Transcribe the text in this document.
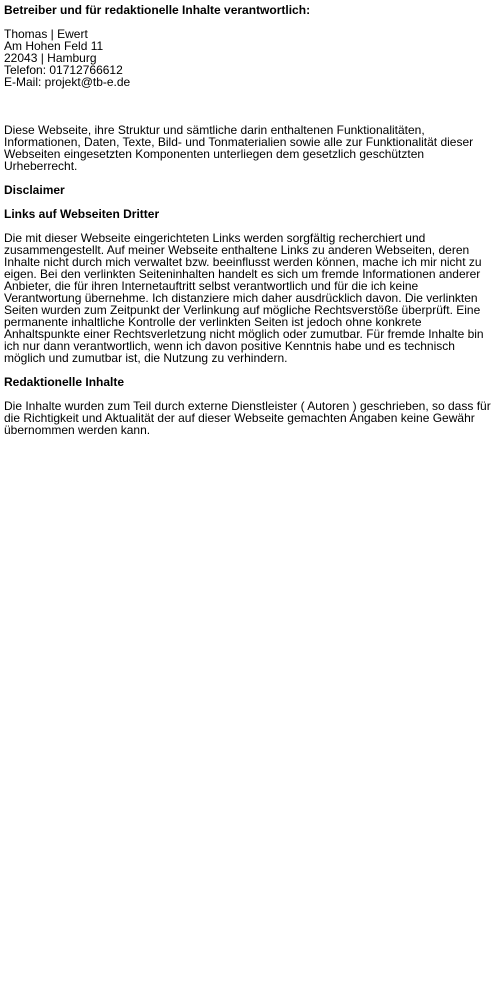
Betreiber und für redaktionelle Inhalte verantwortlich:
Thomas | Ewert
Am Hohen Feld 11
22043 | Hamburg
Telefon: 01712766612
E-Mail: projekt@tb-e.de

Diese Webseite, ihre Struktur und sämtliche darin enthaltenen Funktionalitäten, Informationen, Daten, Texte, Bild- und Tonmaterialien sowie alle zur Funktionalität dieser Webseiten eingesetzten Komponenten unterliegen dem gesetzlich geschützten Urheberrecht.

Disclaimer
Links auf Webseiten Dritter

Die mit dieser Webseite eingerichteten Links werden sorgfältig recherchiert und zusammengestellt. Auf meiner Webseite enthaltene Links zu anderen Webseiten, deren Inhalte nicht durch mich verwaltet bzw. beeinflusst werden können, mache ich mir nicht zu eigen. Bei den verlinkten Seiteninhalten handelt es sich um fremde Informationen anderer Anbieter, die für ihren Internetauftritt selbst verantwortlich und für die ich keine Verantwortung übernehme. Ich distanziere mich daher ausdrücklich davon. Die verlinkten Seiten wurden zum Zeitpunkt der Verlinkung auf mögliche Rechtsverstöße überprüft. Eine permanente inhaltliche Kontrolle der verlinkten Seiten ist jedoch ohne konkrete Anhaltspunkte einer Rechtsverletzung nicht möglich oder zumutbar. Für fremde Inhalte bin ich nur dann verantwortlich, wenn ich davon positive Kenntnis habe und es technisch möglich und zumutbar ist, die Nutzung zu verhindern.

Redaktionelle Inhalte

Die Inhalte wurden zum Teil durch externe Dienstleister ( Autoren ) geschrieben, so dass für die Richtigkeit und Aktualität der auf dieser Webseite gemachten Angaben keine Gewähr übernommen werden kann.
